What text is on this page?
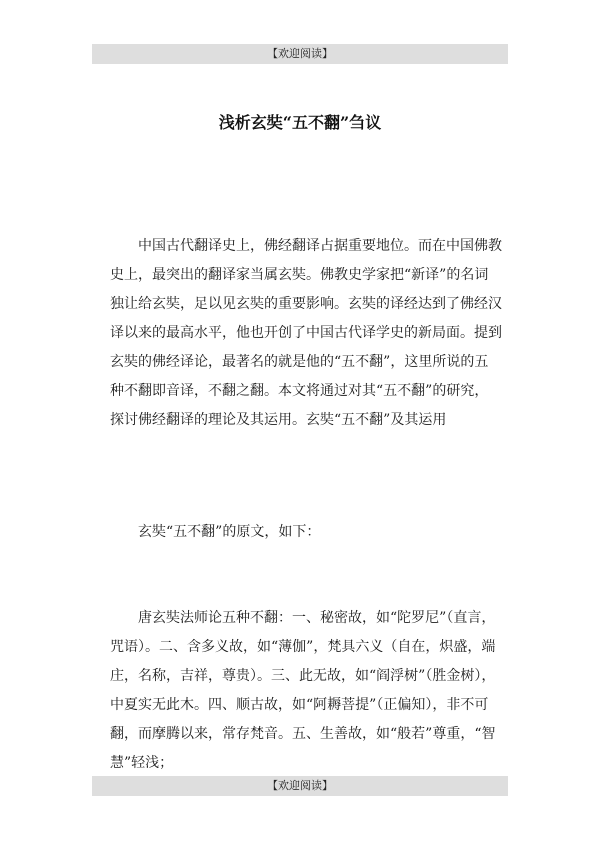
【欢迎阅读】
浅析玄奘“五不翻”刍议

中国古代翻译史上，佛经翻译占据重要地位。而在中国佛教史上，最突出的翻译家当属玄奘。佛教史学家把“新译”的名词独让给玄奘，足以见玄奘的重要影响。玄奘的译经达到了佛经汉译以来的最高水平，他也开创了中国古代译学史的新局面。提到玄奘的佛经译论，最著名的就是他的“五不翻”，这里所说的五种不翻即音译，不翻之翻。本文将通过对其“五不翻”的研究，探讨佛经翻译的理论及其运用。玄奘“五不翻”及其运用

玄奘“五不翻”的原文，如下：

唐玄奘法师论五种不翻：一、秘密故，如“陀罗尼”（直言，咒语）。二、含多义故，如“薄伽”，梵具六义（自在，炽盛，端庄，名称，吉祥，尊贵）。三、此无故，如“阎浮树”（胜金树），中夏实无此木。四、顺古故，如“阿耨菩提”（正偏知），非不可翻，而摩腾以来，常存梵音。五、生善故，如“般若”尊重，“智慧”轻浅；

【欢迎阅读】
